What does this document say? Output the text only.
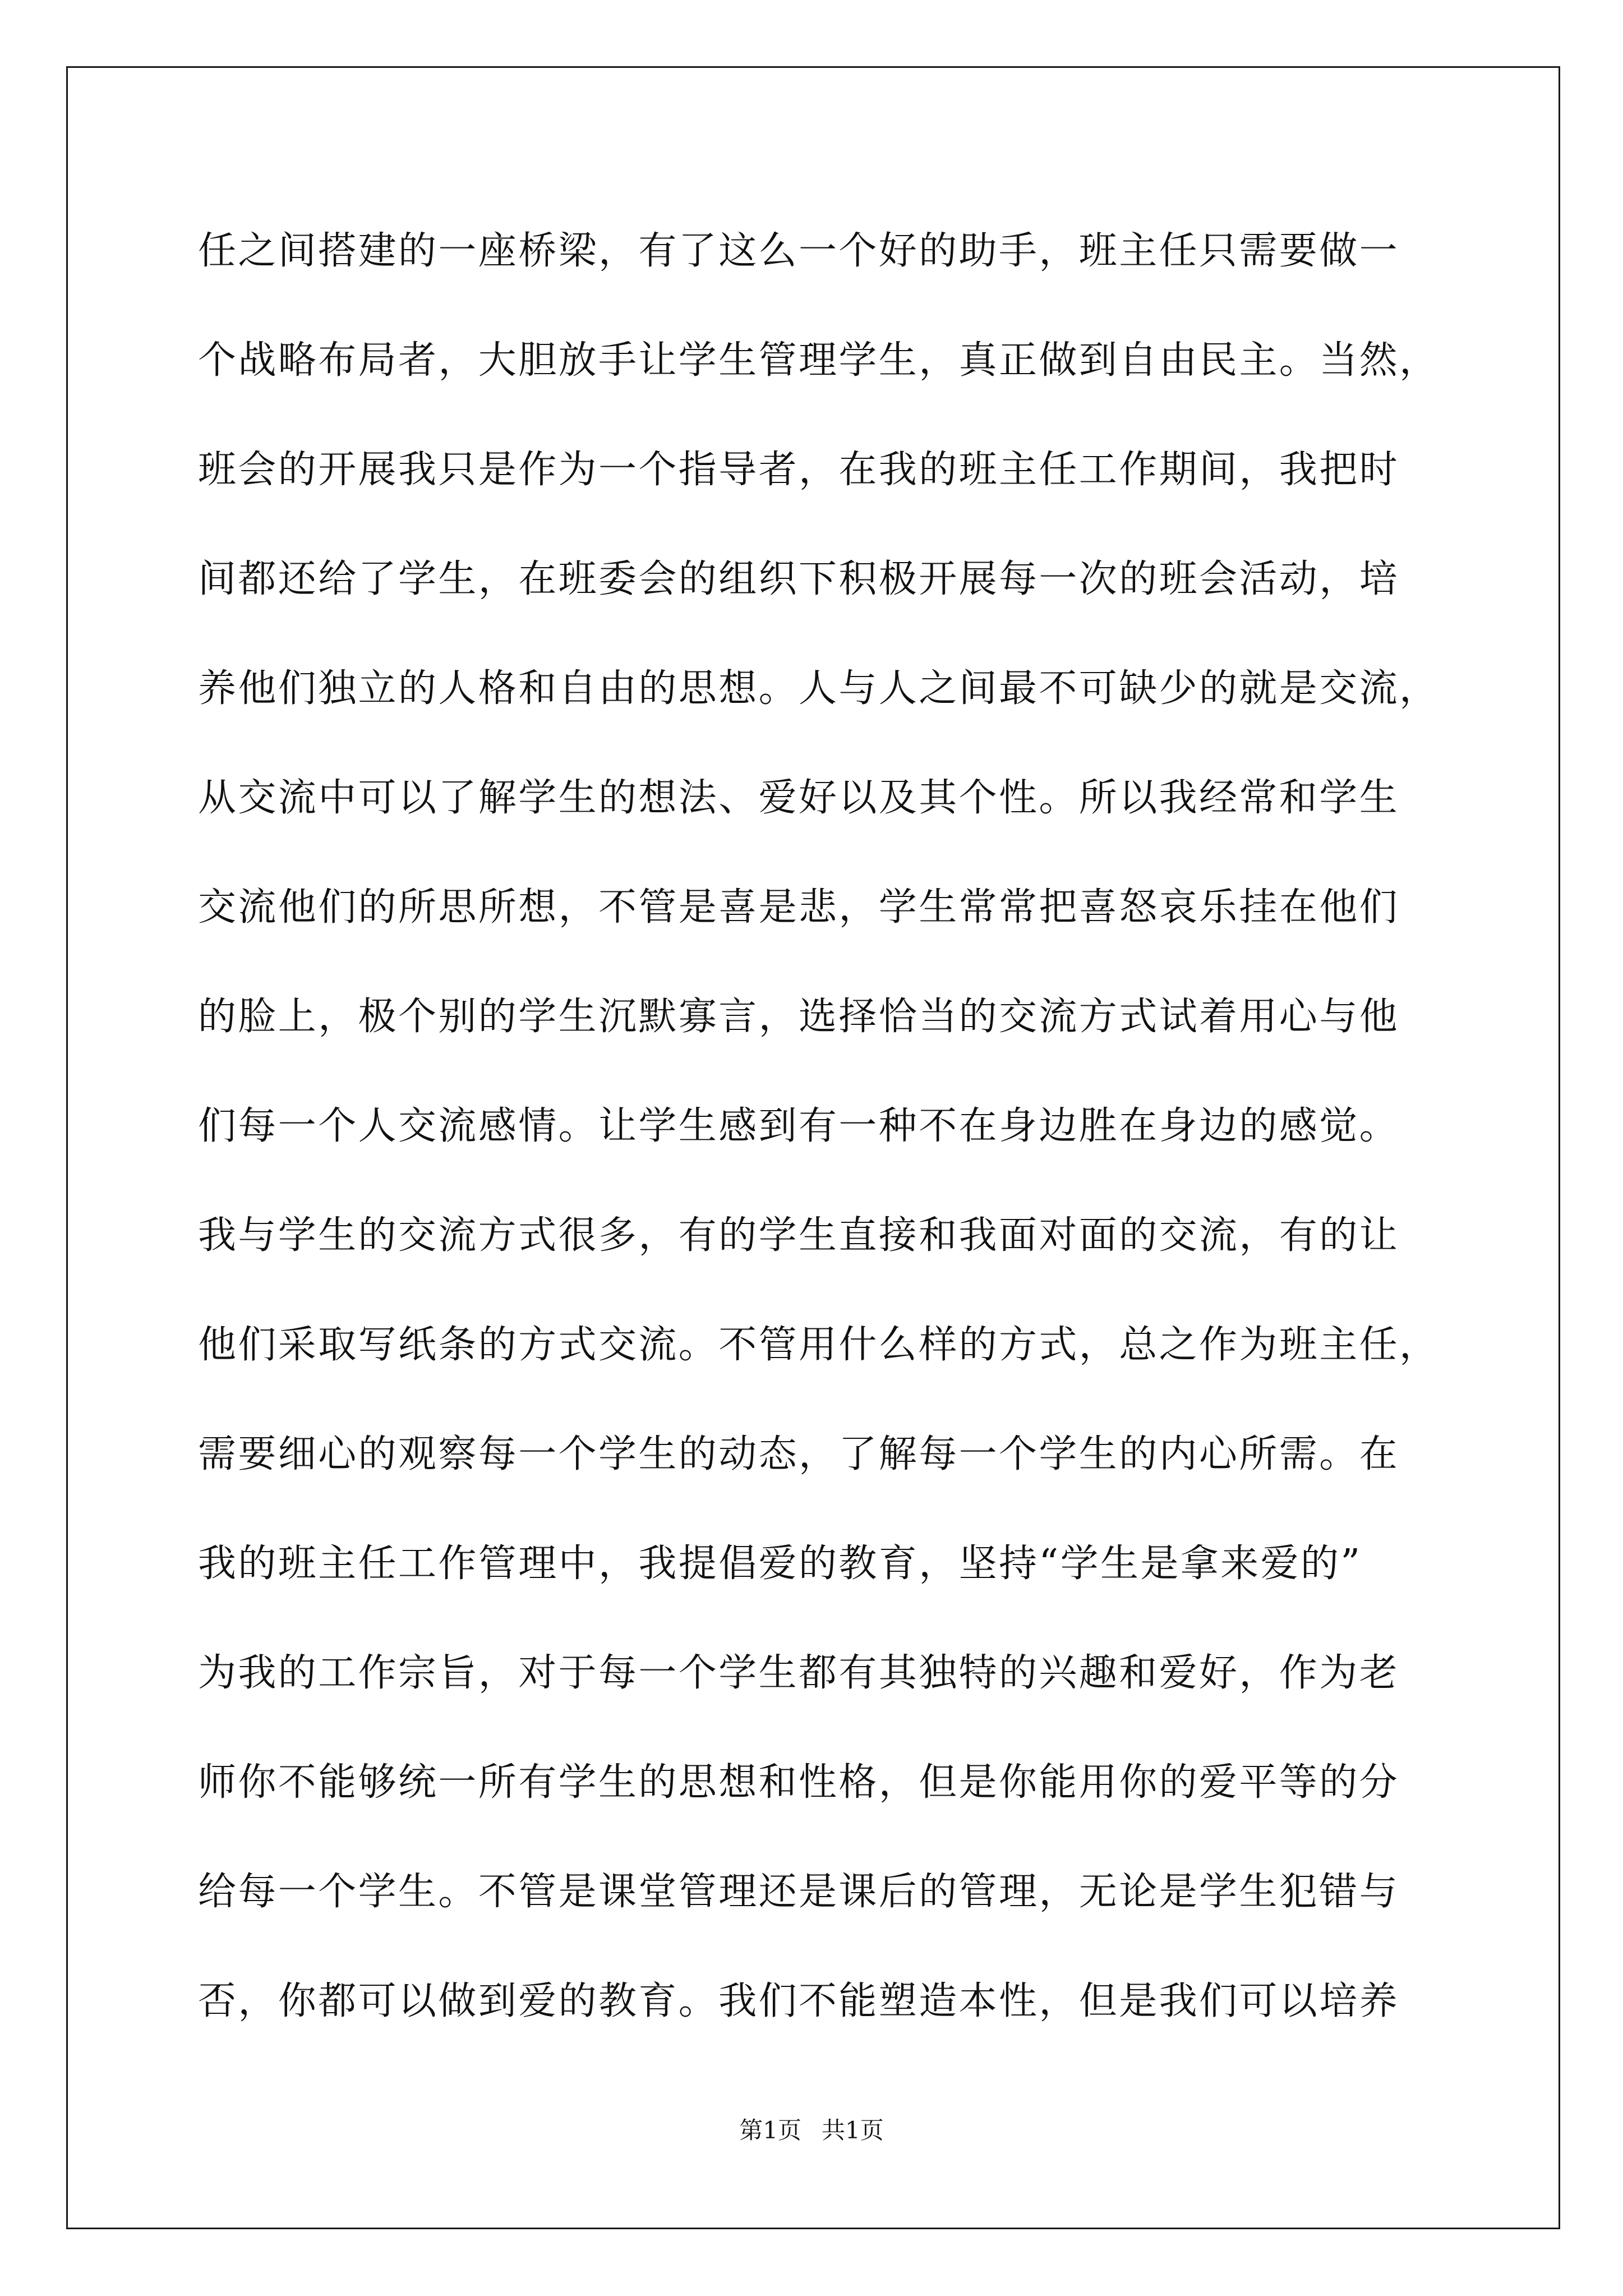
任之间搭建的一座桥梁，有了这么一个好的助手，班主任只需要做一
个战略布局者，大胆放手让学生管理学生，真正做到自由民主。当然，
班会的开展我只是作为一个指导者，在我的班主任工作期间，我把时
间都还给了学生，在班委会的组织下积极开展每一次的班会活动，培
养他们独立的人格和自由的思想。人与人之间最不可缺少的就是交流，
从交流中可以了解学生的想法、爱好以及其个性。所以我经常和学生
交流他们的所思所想，不管是喜是悲，学生常常把喜怒哀乐挂在他们
的脸上，极个别的学生沉默寡言，选择恰当的交流方式试着用心与他
们每一个人交流感情。让学生感到有一种不在身边胜在身边的感觉。
我与学生的交流方式很多，有的学生直接和我面对面的交流，有的让
他们采取写纸条的方式交流。不管用什么样的方式，总之作为班主任，
需要细心的观察每一个学生的动态，了解每一个学生的内心所需。在
我的班主任工作管理中，我提倡爱的教育，坚持“学生是拿来爱的”
为我的工作宗旨，对于每一个学生都有其独特的兴趣和爱好，作为老
师你不能够统一所有学生的思想和性格，但是你能用你的爱平等的分
给每一个学生。不管是课堂管理还是课后的管理，无论是学生犯错与
否，你都可以做到爱的教育。我们不能塑造本性，但是我们可以培养
第1页 共1页
